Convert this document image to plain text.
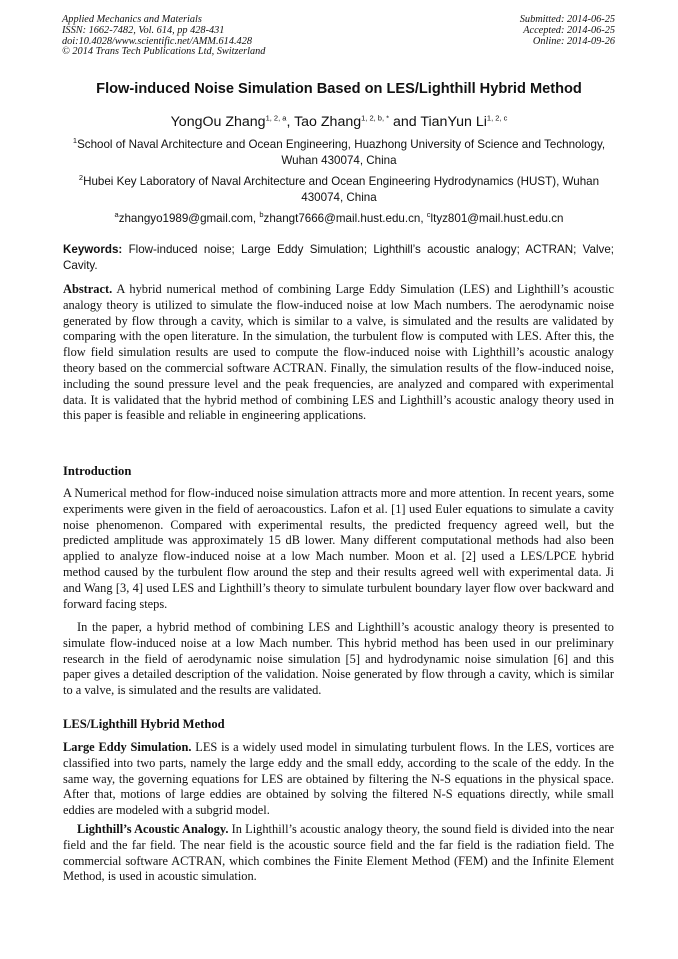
Applied Mechanics and Materials
ISSN: 1662-7482, Vol. 614, pp 428-431
doi:10.4028/www.scientific.net/AMM.614.428
© 2014 Trans Tech Publications Ltd, Switzerland
Submitted: 2014-06-25
Accepted: 2014-06-25
Online: 2014-09-26
Flow-induced Noise Simulation Based on LES/Lighthill Hybrid Method
YongOu Zhang$^{1, 2, a}$, Tao Zhang$^{1, 2, b, *}$ and TianYun Li$^{1, 2, c}$
$^1$School of Naval Architecture and Ocean Engineering, Huazhong University of Science and Technology, Wuhan 430074, China
$^2$Hubei Key Laboratory of Naval Architecture and Ocean Engineering Hydrodynamics (HUST), Wuhan 430074, China
$^a$zhangyo1989@gmail.com, $^b$zhangt7666@mail.hust.edu.cn, $^c$ltyz801@mail.hust.edu.cn
Keywords: Flow-induced noise; Large Eddy Simulation; Lighthill’s acoustic analogy; ACTRAN; Valve; Cavity.
Abstract. A hybrid numerical method of combining Large Eddy Simulation (LES) and Lighthill’s acoustic analogy theory is utilized to simulate the flow-induced noise at low Mach numbers. The aerodynamic noise generated by flow through a cavity, which is similar to a valve, is simulated and the results are validated by comparing with the open literature. In the simulation, the turbulent flow is computed with LES. After this, the flow field simulation results are used to compute the flow-induced noise with Lighthill’s acoustic analogy theory based on the commercial software ACTRAN. Finally, the simulation results of the flow-induced noise, including the sound pressure level and the peak frequencies, are analyzed and compared with experimental data. It is validated that the hybrid method of combining LES and Lighthill’s acoustic analogy theory used in this paper is feasible and reliable in engineering applications.
Introduction
A Numerical method for flow-induced noise simulation attracts more and more attention. In recent years, some experiments were given in the field of aeroacoustics. Lafon et al. [1] used Euler equations to simulate a cavity noise phenomenon. Compared with experimental results, the predicted frequency agreed well, but the predicted amplitude was approximately 15 dB lower. Many different computational methods had also been applied to analyze flow-induced noise at a low Mach number. Moon et al. [2] used a LES/LPCE hybrid method caused by the turbulent flow around the step and their results agreed well with experimental data. Ji and Wang [3, 4] used LES and Lighthill’s theory to simulate turbulent boundary layer flow over backward and forward facing steps.
In the paper, a hybrid method of combining LES and Lighthill’s acoustic analogy theory is presented to simulate flow-induced noise at a low Mach number. This hybrid method has been used in our preliminary research in the field of aerodynamic noise simulation [5] and hydrodynamic noise simulation [6] and this paper gives a detailed description of the validation. Noise generated by flow through a cavity, which is similar to a valve, is simulated and the results are validated.
LES/Lighthill Hybrid Method
Large Eddy Simulation. LES is a widely used model in simulating turbulent flows. In the LES, vortices are classified into two parts, namely the large eddy and the small eddy, according to the scale of the eddy. In the same way, the governing equations for LES are obtained by filtering the N-S equations in the physical space. After that, motions of large eddies are obtained by solving the filtered N-S equations directly, while small eddies are modeled with a subgrid model.
Lighthill’s Acoustic Analogy. In Lighthill’s acoustic analogy theory, the sound field is divided into the near field and the far field. The near field is the acoustic source field and the far field is the radiation field. The commercial software ACTRAN, which combines the Finite Element Method (FEM) and the Infinite Element Method, is used in acoustic simulation.
